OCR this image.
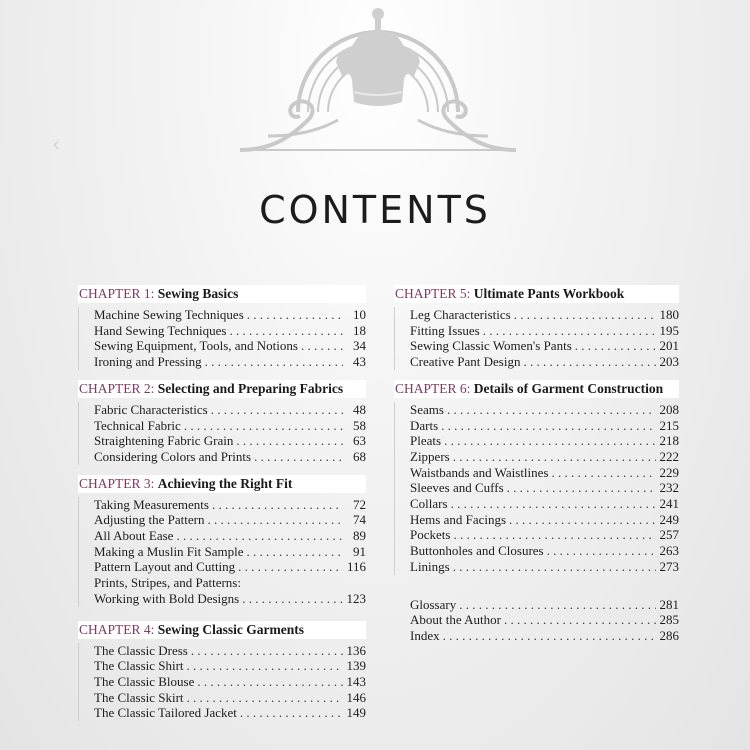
‹
CONTENTS
CHAPTER 1: Sewing Basics
Machine Sewing Techniques . . .	10
Hand Sewing Techniques . . .	18
Sewing Equipment, Tools, and Notions . . .	34
Ironing and Pressing . . .	43
CHAPTER 2: Selecting and Preparing Fabrics
Fabric Characteristics . . .	48
Technical Fabric . . .	58
Straightening Fabric Grain . . .	63
Considering Colors and Prints . . .	68
CHAPTER 3: Achieving the Right Fit
Taking Measurements . . .	72
Adjusting the Pattern . . .	74
All About Ease . . .	89
Making a Muslin Fit Sample . . .	91
Pattern Layout and Cutting . . .	116
Prints, Stripes, and Patterns:
Working with Bold Designs . . .	123
CHAPTER 4: Sewing Classic Garments
The Classic Dress . . .	136
The Classic Shirt . . .	139
The Classic Blouse . . .	143
The Classic Skirt . . .	146
The Classic Tailored Jacket . . .	149
CHAPTER 5: Ultimate Pants Workbook
Leg Characteristics . . .	180
Fitting Issues . . .	195
Sewing Classic Women's Pants . . .	201
Creative Pant Design . . .	203
CHAPTER 6: Details of Garment Construction
Seams . . .	208
Darts . . .	215
Pleats . . .	218
Zippers . . .	222
Waistbands and Waistlines . . .	229
Sleeves and Cuffs . . .	232
Collars . . .	241
Hems and Facings . . .	249
Pockets . . .	257
Buttonholes and Closures . . .	263
Linings . . .	273
Glossary . . .	281
About the Author . . .	285
Index . . .	286
